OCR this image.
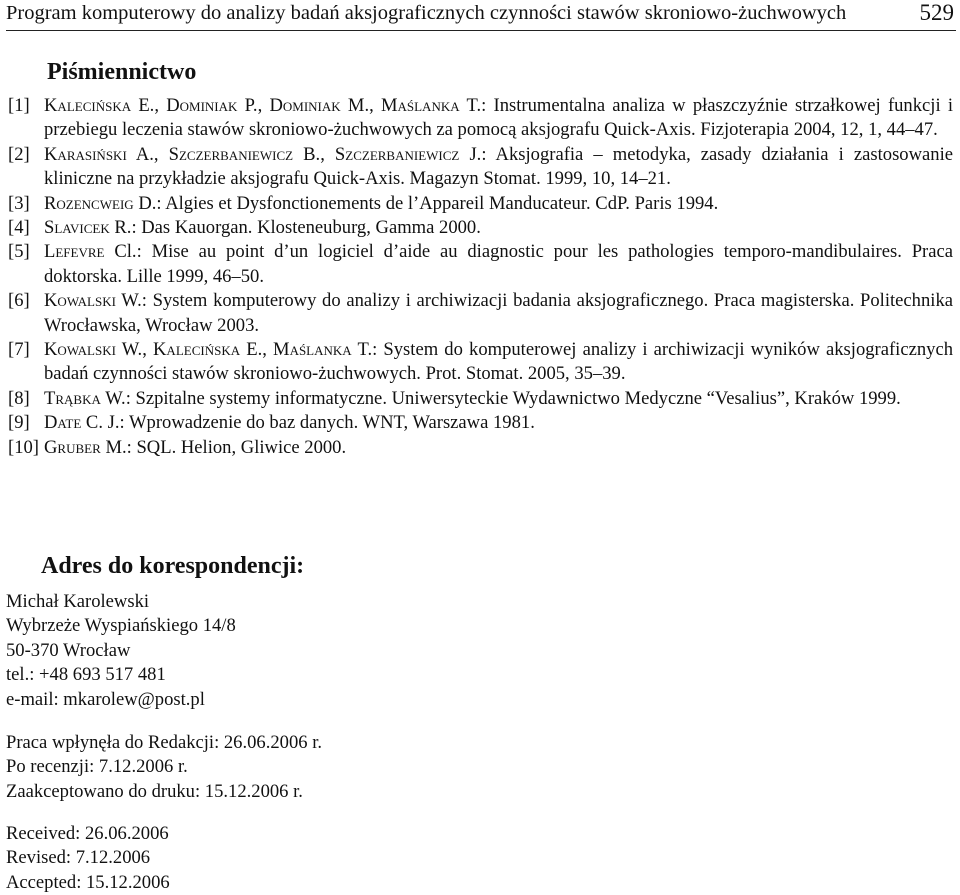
Program komputerowy do analizy badań aksjograficznych czynności stawów skroniowo-żuchwowych	529
Piśmiennictwo
[1] Kalecińska E., Dominiak P., Dominiak M., Maślanka T.: Instrumentalna analiza w płaszczyźnie strzałkowej funkcji i przebiegu leczenia stawów skroniowo-żuchwowych za pomocą aksjografu Quick-Axis. Fizjoterapia 2004, 12, 1, 44–47.
[2] Karasiński A., Szczerbaniewicz B., Szczerbaniewicz J.: Aksjografia – metodyka, zasady działania i zastosowanie kliniczne na przykładzie aksjografu Quick-Axis. Magazyn Stomat. 1999, 10, 14–21.
[3] Rozencweig D.: Algies et Dysfonctionements de l’Appareil Manducateur. CdP. Paris 1994.
[4] Slavicek R.: Das Kauorgan. Klosteneuburg, Gamma 2000.
[5] Lefevre Cl.: Mise au point d’un logiciel d’aide au diagnostic pour les pathologies temporo-mandibulaires. Praca doktorska. Lille 1999, 46–50.
[6] Kowalski W.: System komputerowy do analizy i archiwizacji badania aksjograficznego. Praca magisterska. Politechnika Wrocławska, Wrocław 2003.
[7] Kowalski W., Kalecińska E., Maślanka T.: System do komputerowej analizy i archiwizacji wyników aksjograficznych badań czynności stawów skroniowo-żuchwowych. Prot. Stomat. 2005, 35–39.
[8] Trąbka W.: Szpitalne systemy informatyczne. Uniwersyteckie Wydawnictwo Medyczne “Vesalius”, Kraków 1999.
[9] Date C. J.: Wprowadzenie do baz danych. WNT, Warszawa 1981.
[10] Gruber M.: SQL. Helion, Gliwice 2000.
Adres do korespondencji:
Michał Karolewski
Wybrzeże Wyspiańskiego 14/8
50-370 Wrocław
tel.: +48 693 517 481
e-mail: mkarolew@post.pl
Praca wpłynęła do Redakcji: 26.06.2006 r.
Po recenzji: 7.12.2006 r.
Zaakceptowano do druku: 15.12.2006 r.
Received: 26.06.2006
Revised: 7.12.2006
Accepted: 15.12.2006
